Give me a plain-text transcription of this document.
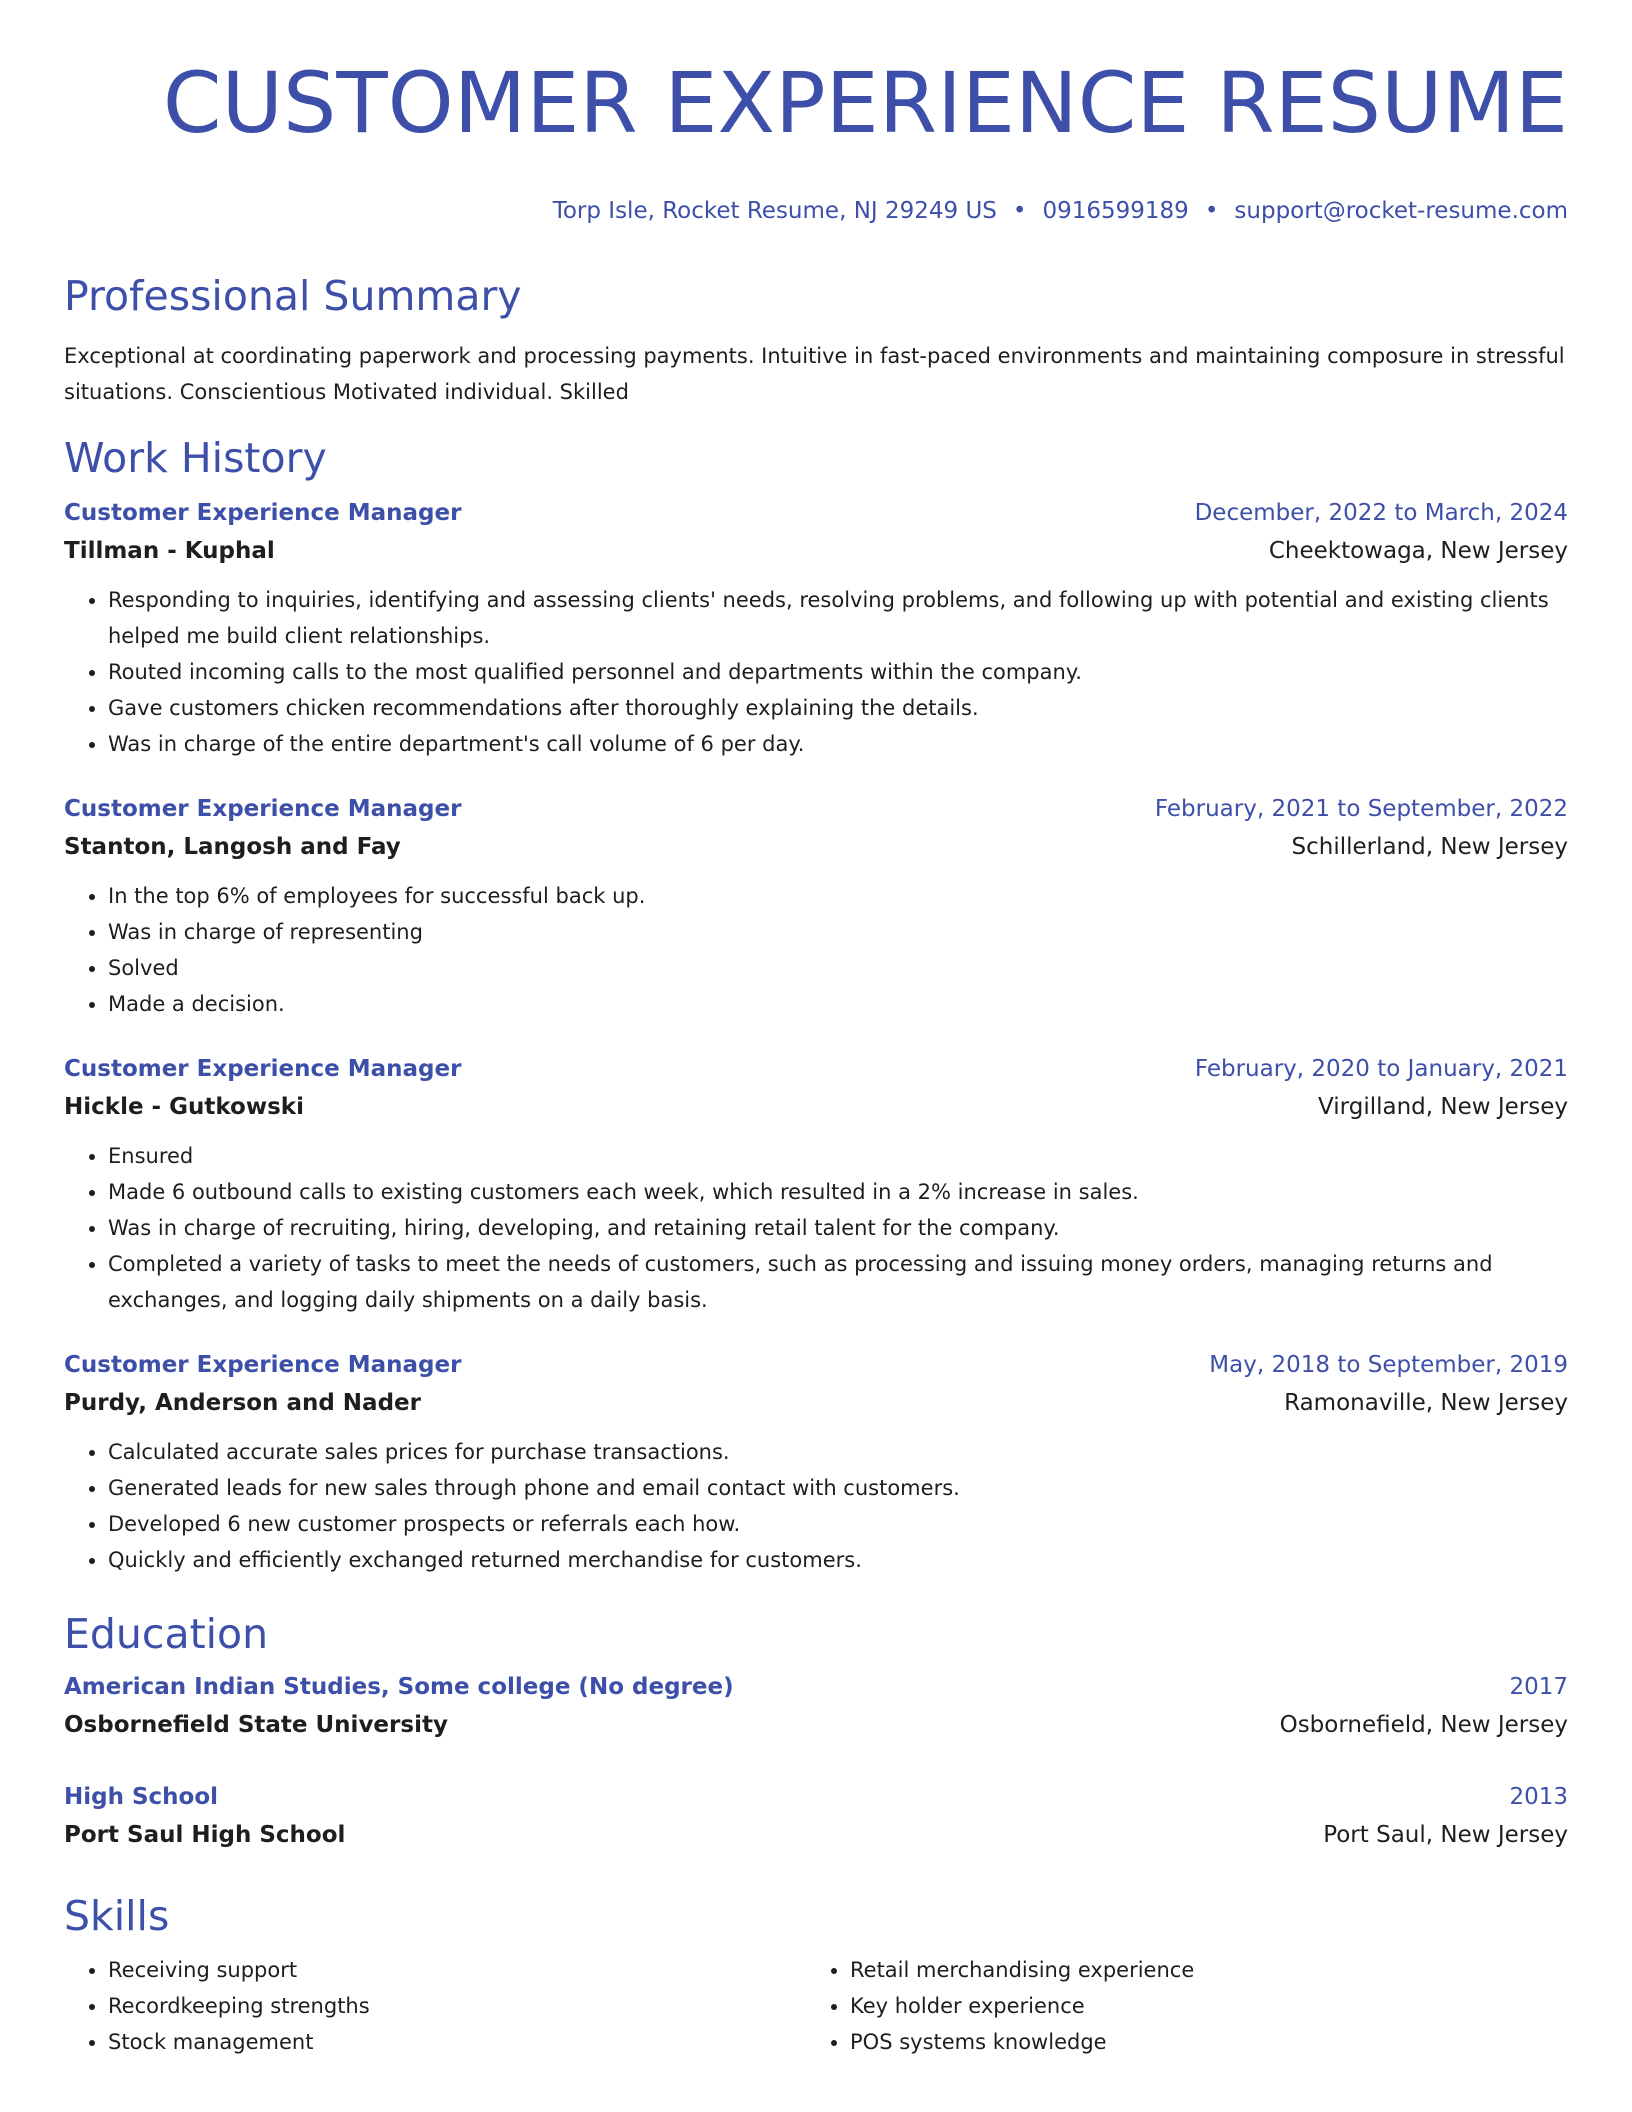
CUSTOMER EXPERIENCE RESUME
Torp Isle, Rocket Resume, NJ 29249 US • 0916599189 • support@rocket-resume.com
Professional Summary

Exceptional at coordinating paperwork and processing payments. Intuitive in fast-paced environments and maintaining composure in stressful situations. Conscientious Motivated individual. Skilled

Work History
Customer Experience Manager	December, 2022 to March, 2024
Tillman - Kuphal	Cheektowaga, New Jersey
• Responding to inquiries, identifying and assessing clients' needs, resolving problems, and following up with potential and existing clients helped me build client relationships.
• Routed incoming calls to the most qualified personnel and departments within the company.
• Gave customers chicken recommendations after thoroughly explaining the details.
• Was in charge of the entire department's call volume of 6 per day.
Customer Experience Manager	February, 2021 to September, 2022
Stanton, Langosh and Fay	Schillerland, New Jersey
• In the top 6% of employees for successful back up.
• Was in charge of representing
• Solved
• Made a decision.
Customer Experience Manager	February, 2020 to January, 2021
Hickle - Gutkowski	Virgilland, New Jersey
• Ensured
• Made 6 outbound calls to existing customers each week, which resulted in a 2% increase in sales.
• Was in charge of recruiting, hiring, developing, and retaining retail talent for the company.
• Completed a variety of tasks to meet the needs of customers, such as processing and issuing money orders, managing returns and exchanges, and logging daily shipments on a daily basis.
Customer Experience Manager	May, 2018 to September, 2019
Purdy, Anderson and Nader	Ramonaville, New Jersey
• Calculated accurate sales prices for purchase transactions.
• Generated leads for new sales through phone and email contact with customers.
• Developed 6 new customer prospects or referrals each how.
• Quickly and efficiently exchanged returned merchandise for customers.
Education
American Indian Studies, Some college (No degree)	2017
Osbornefield State University	Osbornefield, New Jersey
High School	2013
Port Saul High School	Port Saul, New Jersey
Skills
• Receiving support
• Recordkeeping strengths
• Stock management
• Retail merchandising experience
• Key holder experience
• POS systems knowledge
